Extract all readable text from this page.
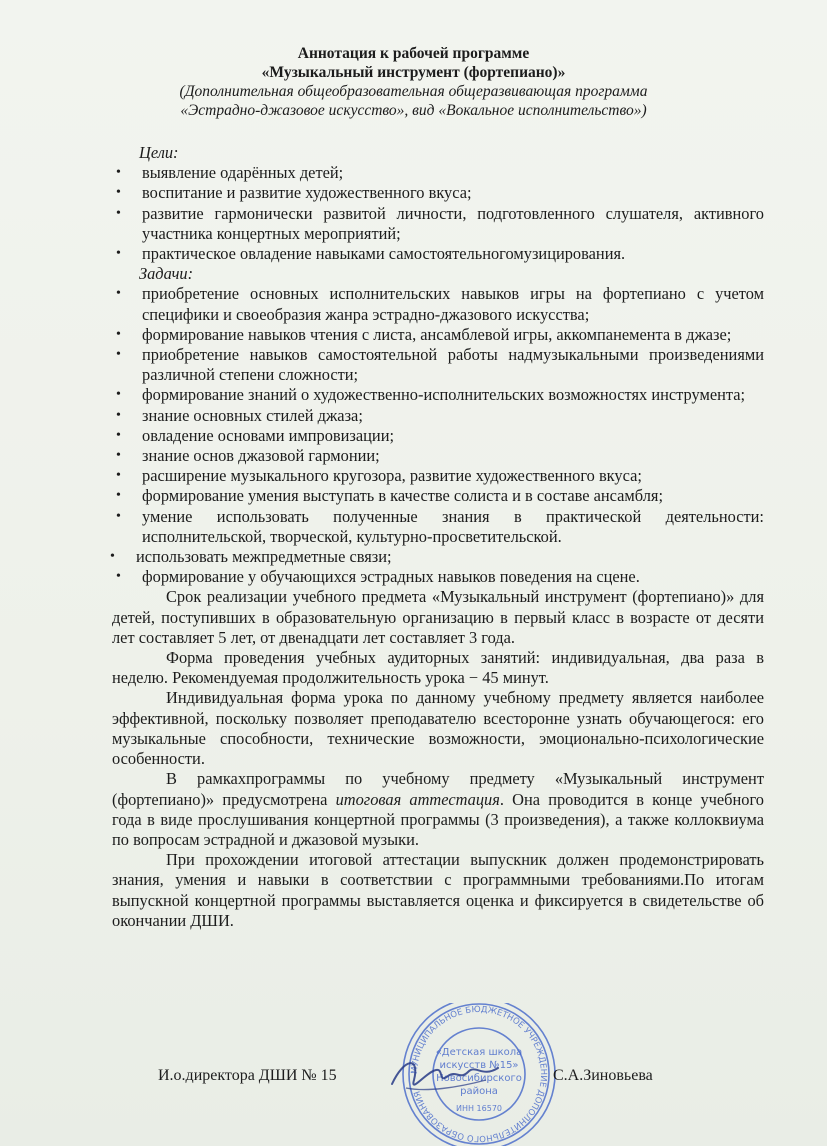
Аннотация к рабочей программе
«Музыкальный инструмент (фортепиано)»
(Дополнительная общеобразовательная общеразвивающая программа
«Эстрадно-джазовое искусство», вид «Вокальное исполнительство»)
Цели:
• выявление одарённых детей;
• воспитание и развитие художественного вкуса;
• развитие гармонически развитой личности, подготовленного слушателя, активного участника концертных мероприятий;
• практическое овладение навыками самостоятельногомузицирования.
Задачи:
• приобретение основных исполнительских навыков игры на фортепиано с учетом специфики и своеобразия жанра эстрадно-джазового искусства;
• формирование навыков чтения с листа, ансамблевой игры, аккомпанемента в джазе;
• приобретение навыков самостоятельной работы надмузыкальными произведениями различной степени сложности;
• формирование знаний о художественно-исполнительских возможностях инструмента;
• знание основных стилей джаза;
• овладение основами импровизации;
• знание основ джазовой гармонии;
• расширение музыкального кругозора, развитие художественного вкуса;
• формирование умения выступать в качестве солиста и в составе ансамбля;
• умение использовать полученные знания в практической деятельности: исполнительской, творческой, культурно-просветительской.
• использовать межпредметные связи;
• формирование у обучающихся эстрадных навыков поведения на сцене.

Срок реализации учебного предмета «Музыкальный инструмент (фортепиано)» для детей, поступивших в образовательную организацию в первый класс в возрасте от десяти лет составляет 5 лет, от двенадцати лет составляет 3 года.

Форма проведения учебных аудиторных занятий: индивидуальная, два раза в неделю. Рекомендуемая продолжительность урока − 45 минут.

Индивидуальная форма урока по данному учебному предмету является наиболее эффективной, поскольку позволяет преподавателю всесторонне узнать обучающегося: его музыкальные способности, технические возможности, эмоционально-психологические особенности.

В рамкахпрограммы по учебному предмету «Музыкальный инструмент (фортепиано)» предусмотрена итоговая аттестация. Она проводится в конце учебного года в виде прослушивания концертной программы (3 произведения), а также коллоквиума по вопросам эстрадной и джазовой музыки.

При прохождении итоговой аттестации выпускник должен продемонстрировать знания, умения и навыки в соответствии с программными требованиями.По итогам выпускной концертной программы выставляется оценка и фиксируется в свидетельстве об окончании ДШИ.

МУНИЦИПАЛЬНОЕ БЮДЖЕТНОЕ УЧРЕЖДЕНИЕ ДОПОЛНИТЕЛЬНОГО ОБРАЗОВАНИЯ
«Детская школа
искусств №15»
Новосибирского
района
ИНН 16570
И.о.директора ДШИ № 15	С.А.Зиновьева
